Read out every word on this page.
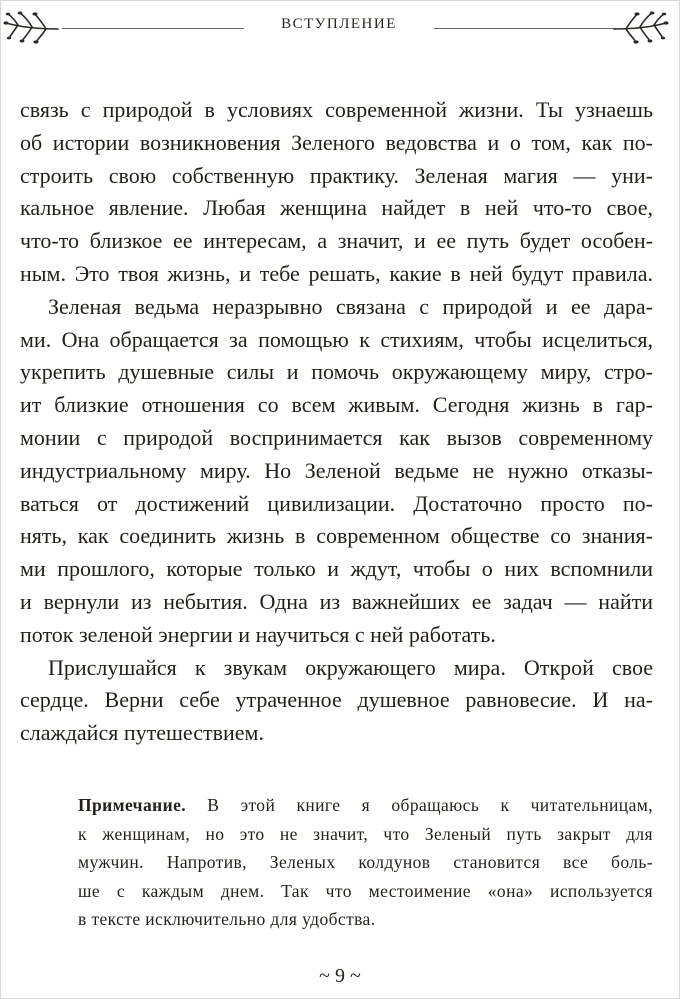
ВСТУПЛЕНИЕ
связь с природой в условиях современной жизни. Ты узнаешь
об истории возникновения Зеленого ведовства и о том, как по-
строить свою собственную практику. Зеленая магия — уни-
кальное явление. Любая женщина найдет в ней что-то свое,
что-то близкое ее интересам, а значит, и ее путь будет особен-
ным. Это твоя жизнь, и тебе решать, какие в ней будут правила.
Зеленая ведьма неразрывно связана с природой и ее дара-
ми. Она обращается за помощью к стихиям, чтобы исцелиться,
укрепить душевные силы и помочь окружающему миру, стро-
ит близкие отношения со всем живым. Сегодня жизнь в гар-
монии с природой воспринимается как вызов современному
индустриальному миру. Но Зеленой ведьме не нужно отказы-
ваться от достижений цивилизации. Достаточно просто по-
нять, как соединить жизнь в современном обществе со знания-
ми прошлого, которые только и ждут, чтобы о них вспомнили
и вернули из небытия. Одна из важнейших ее задач — найти
поток зеленой энергии и научиться с ней работать.
Прислушайся к звукам окружающего мира. Открой свое
сердце. Верни себе утраченное душевное равновесие. И на-
слаждайся путешествием.
Примечание. В этой книге я обращаюсь к читательницам,
к женщинам, но это не значит, что Зеленый путь закрыт для
мужчин. Напротив, Зеленых колдунов становится все боль-
ше с каждым днем. Так что местоимение «она» используется
в тексте исключительно для удобства.
~ 9 ~
